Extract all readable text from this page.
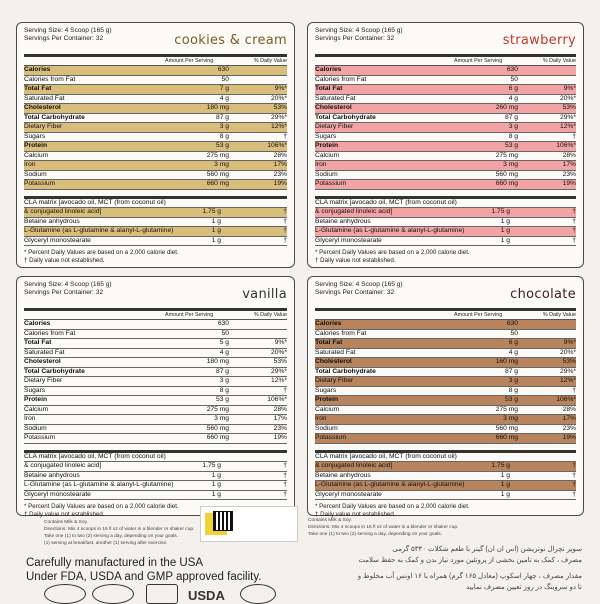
Serving Size: 4 Scoop (165 g)
Servings Per Container: 32	cookies & cream
Amount Per Serving	% Daily Value
Calories	630
Calories from Fat	50
Total Fat	7 g	9%*
Saturated Fat	4 g	20%*
Cholesterol	180 mg	53%
Total Carbohydrate	87 g	29%*
Dietary Fiber	3 g	12%*
Sugars	8 g	†
Protein	53 g	106%*
Calcium	275 mg	28%
Iron	3 mg	17%
Sodium	560 mg	23%
Potassium	660 mg	19%
CLA matrix [avocado oil, MCT (from coconut oil)
& conjugated linoleic acid]	1.75 g	†
Betaine anhydrous	1 g	†
L-Glutamine (as L-glutamine & alanyl-L-glutamine)	1 g	†
Glyceryl monostearate	1 g	†
* Percent Daily Values are based on a 2,000 calorie diet.
† Daily value not established.
Serving Size: 4 Scoop (165 g)
Servings Per Container: 32	strawberry
Amount Per Serving	% Daily Value
Calories	630
Calories from Fat	50
Total Fat	6 g	9%*
Saturated Fat	4 g	20%*
Cholesterol	260 mg	53%
Total Carbohydrate	87 g	29%*
Dietary Fiber	3 g	12%*
Sugars	8 g	†
Protein	53 g	106%*
Calcium	275 mg	28%
Iron	3 mg	17%
Sodium	560 mg	23%
Potassium	660 mg	19%
CLA matrix [avocado oil, MCT (from coconut oil)
& conjugated linoleic acid]	1.75 g	†
Betaine anhydrous	1 g	†
L-Glutamine (as L-glutamine & alanyl-L-glutamine)	1 g	†
Glyceryl monostearate	1 g	†
* Percent Daily Values are based on a 2,000 calorie diet.
† Daily value not established.
Serving Size: 4 Scoop (165 g)
Servings Per Container: 32	vanilla
Amount Per Serving	% Daily Value
Calories	630
Calories from Fat	50
Total Fat	5 g	9%*
Saturated Fat	4 g	20%*
Cholesterol	180 mg	53%
Total Carbohydrate	87 g	29%*
Dietary Fiber	3 g	12%*
Sugars	8 g	†
Protein	53 g	106%*
Calcium	275 mg	28%
Iron	3 mg	17%
Sodium	560 mg	23%
Potassium	660 mg	19%
CLA matrix [avocado oil, MCT (from coconut oil)
& conjugated linoleic acid]	1.75 g	†
Betaine anhydrous	1 g	†
L-Glutamine (as L-glutamine & alanyl-L-glutamine)	1 g	†
Glyceryl monostearate	1 g	†
* Percent Daily Values are based on a 2,000 calorie diet.
† Daily value not established.
Serving Size: 4 Scoop (165 g)
Servings Per Container: 32	chocolate
Amount Per Serving	% Daily Value
Calories	630
Calories from Fat	50
Total Fat	6 g	9%*
Saturated Fat	4 g	20%*
Cholesterol	160 mg	53%
Total Carbohydrate	87 g	29%*
Dietary Fiber	3 g	12%*
Sugars	8 g	†
Protein	53 g	106%*
Calcium	275 mg	28%
Iron	3 mg	17%
Sodium	560 mg	23%
Potassium	660 mg	19%
CLA matrix [avocado oil, MCT (from coconut oil)
& conjugated linoleic acid]	1.75 g	†
Betaine anhydrous	1 g	†
L-Glutamine (as L-glutamine & alanyl-L-glutamine)	1 g	†
Glyceryl monostearate	1 g	†
* Percent Daily Values are based on a 2,000 calorie diet.
† Daily value not established.
Contains Milk & Soy.
Directions: Mix 4 scoops in 16 fl oz of water in a blender or shaker cup.
Take one (1) to two (2) serving a day, depending on your goals.
(1) serving at breakfast, another (1) serving after exercise.
Contains Milk & Soy.
Directions: Mix 4 scoops in 16 fl oz of water in a blender or shaker cup.
Take one (1) to two (2) serving a day, depending on your goals.
سوپر نچرال نوتریشن (اس ان ان) گینر با طعم شکلات ۵۳۴۰ گرمی
مصرف ، کمک به تامین بخشی از پروتئین مورد نیاز بدن و کمک به حفظ سلامت
مقدار مصرف ، چهار اسکوپ (معادل ۱۶۵ گرم) همراه با ۱۶ اونس آب مخلوط و
تا دو سروینگ در روز تعیین مصرف نمایید
Carefully manufactured in the USA
Under FDA, USDA and GMP approved facility.
USDA
